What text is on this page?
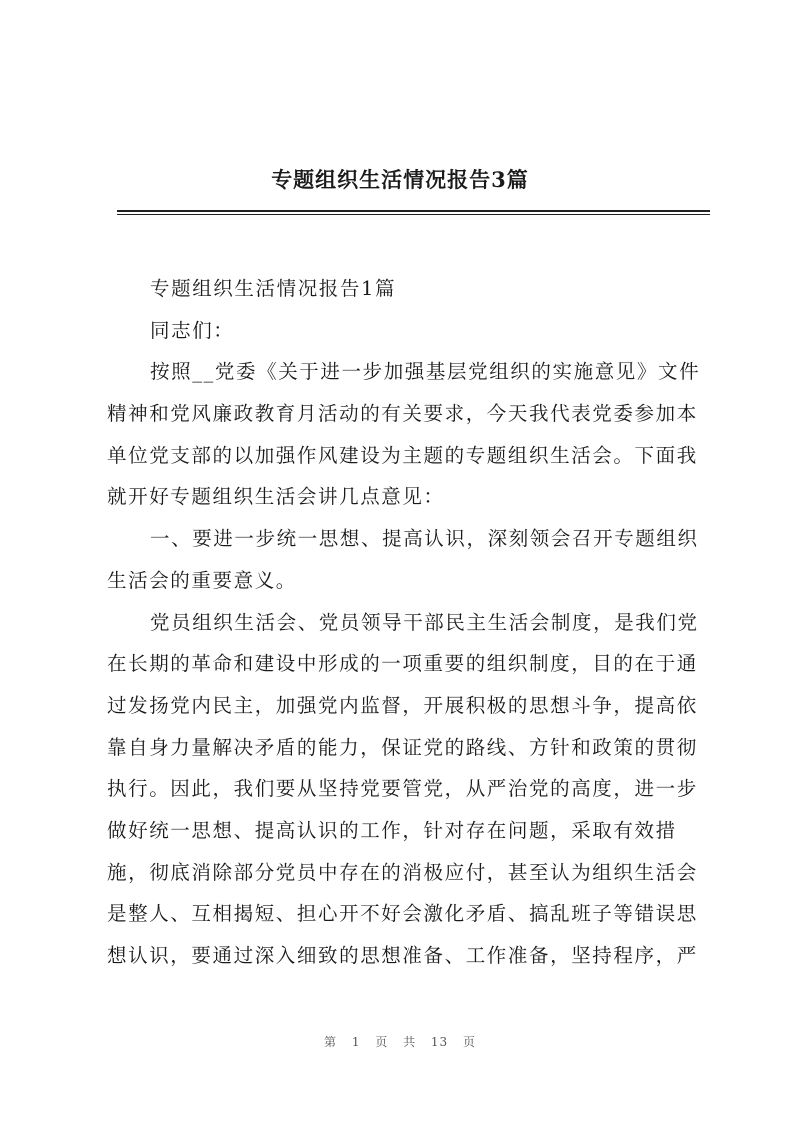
专题组织生活情况报告3篇
专题组织生活情况报告1篇
同志们：
按照__党委《关于进一步加强基层党组织的实施意见》文件
精神和党风廉政教育月活动的有关要求，今天我代表党委参加本
单位党支部的以加强作风建设为主题的专题组织生活会。下面我
就开好专题组织生活会讲几点意见：
一、要进一步统一思想、提高认识，深刻领会召开专题组织
生活会的重要意义。
党员组织生活会、党员领导干部民主生活会制度，是我们党
在长期的革命和建设中形成的一项重要的组织制度，目的在于通
过发扬党内民主，加强党内监督，开展积极的思想斗争，提高依
靠自身力量解决矛盾的能力，保证党的路线、方针和政策的贯彻
执行。因此，我们要从坚持党要管党，从严治党的高度，进一步
做好统一思想、提高认识的工作，针对存在问题，采取有效措
施，彻底消除部分党员中存在的消极应付，甚至认为组织生活会
是整人、互相揭短、担心开不好会激化矛盾、搞乱班子等错误思
想认识，要通过深入细致的思想准备、工作准备，坚持程序，严
第 1 页 共 13 页
